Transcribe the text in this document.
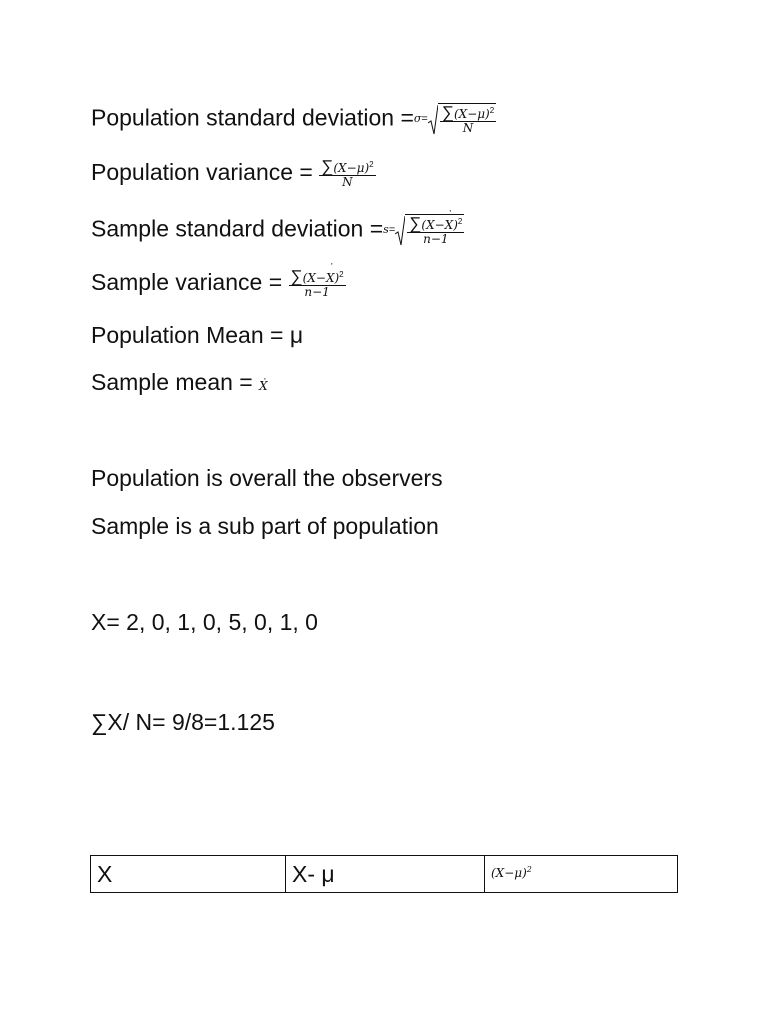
Population standard deviation $=\sigma= \frac{\sum(X-\mu)^2}{N}$
Population variance = $\frac{\sum(X-\mu)^2}{N}$
Sample standard deviation $=s= \frac{\sum(X-˙ X)^2}{n-1}$
Sample variance = $\frac{\sum(X-˙ X)^2}{n-1}$
Population Mean = μ
Sample mean = ˙ X
Population is overall the observers
Sample is a sub part of population
X= 2, 0, 1, 0, 5, 0, 1, 0
∑X/ N= 9/8=1.125
X	X- μ	$(X-\mu)^2$
